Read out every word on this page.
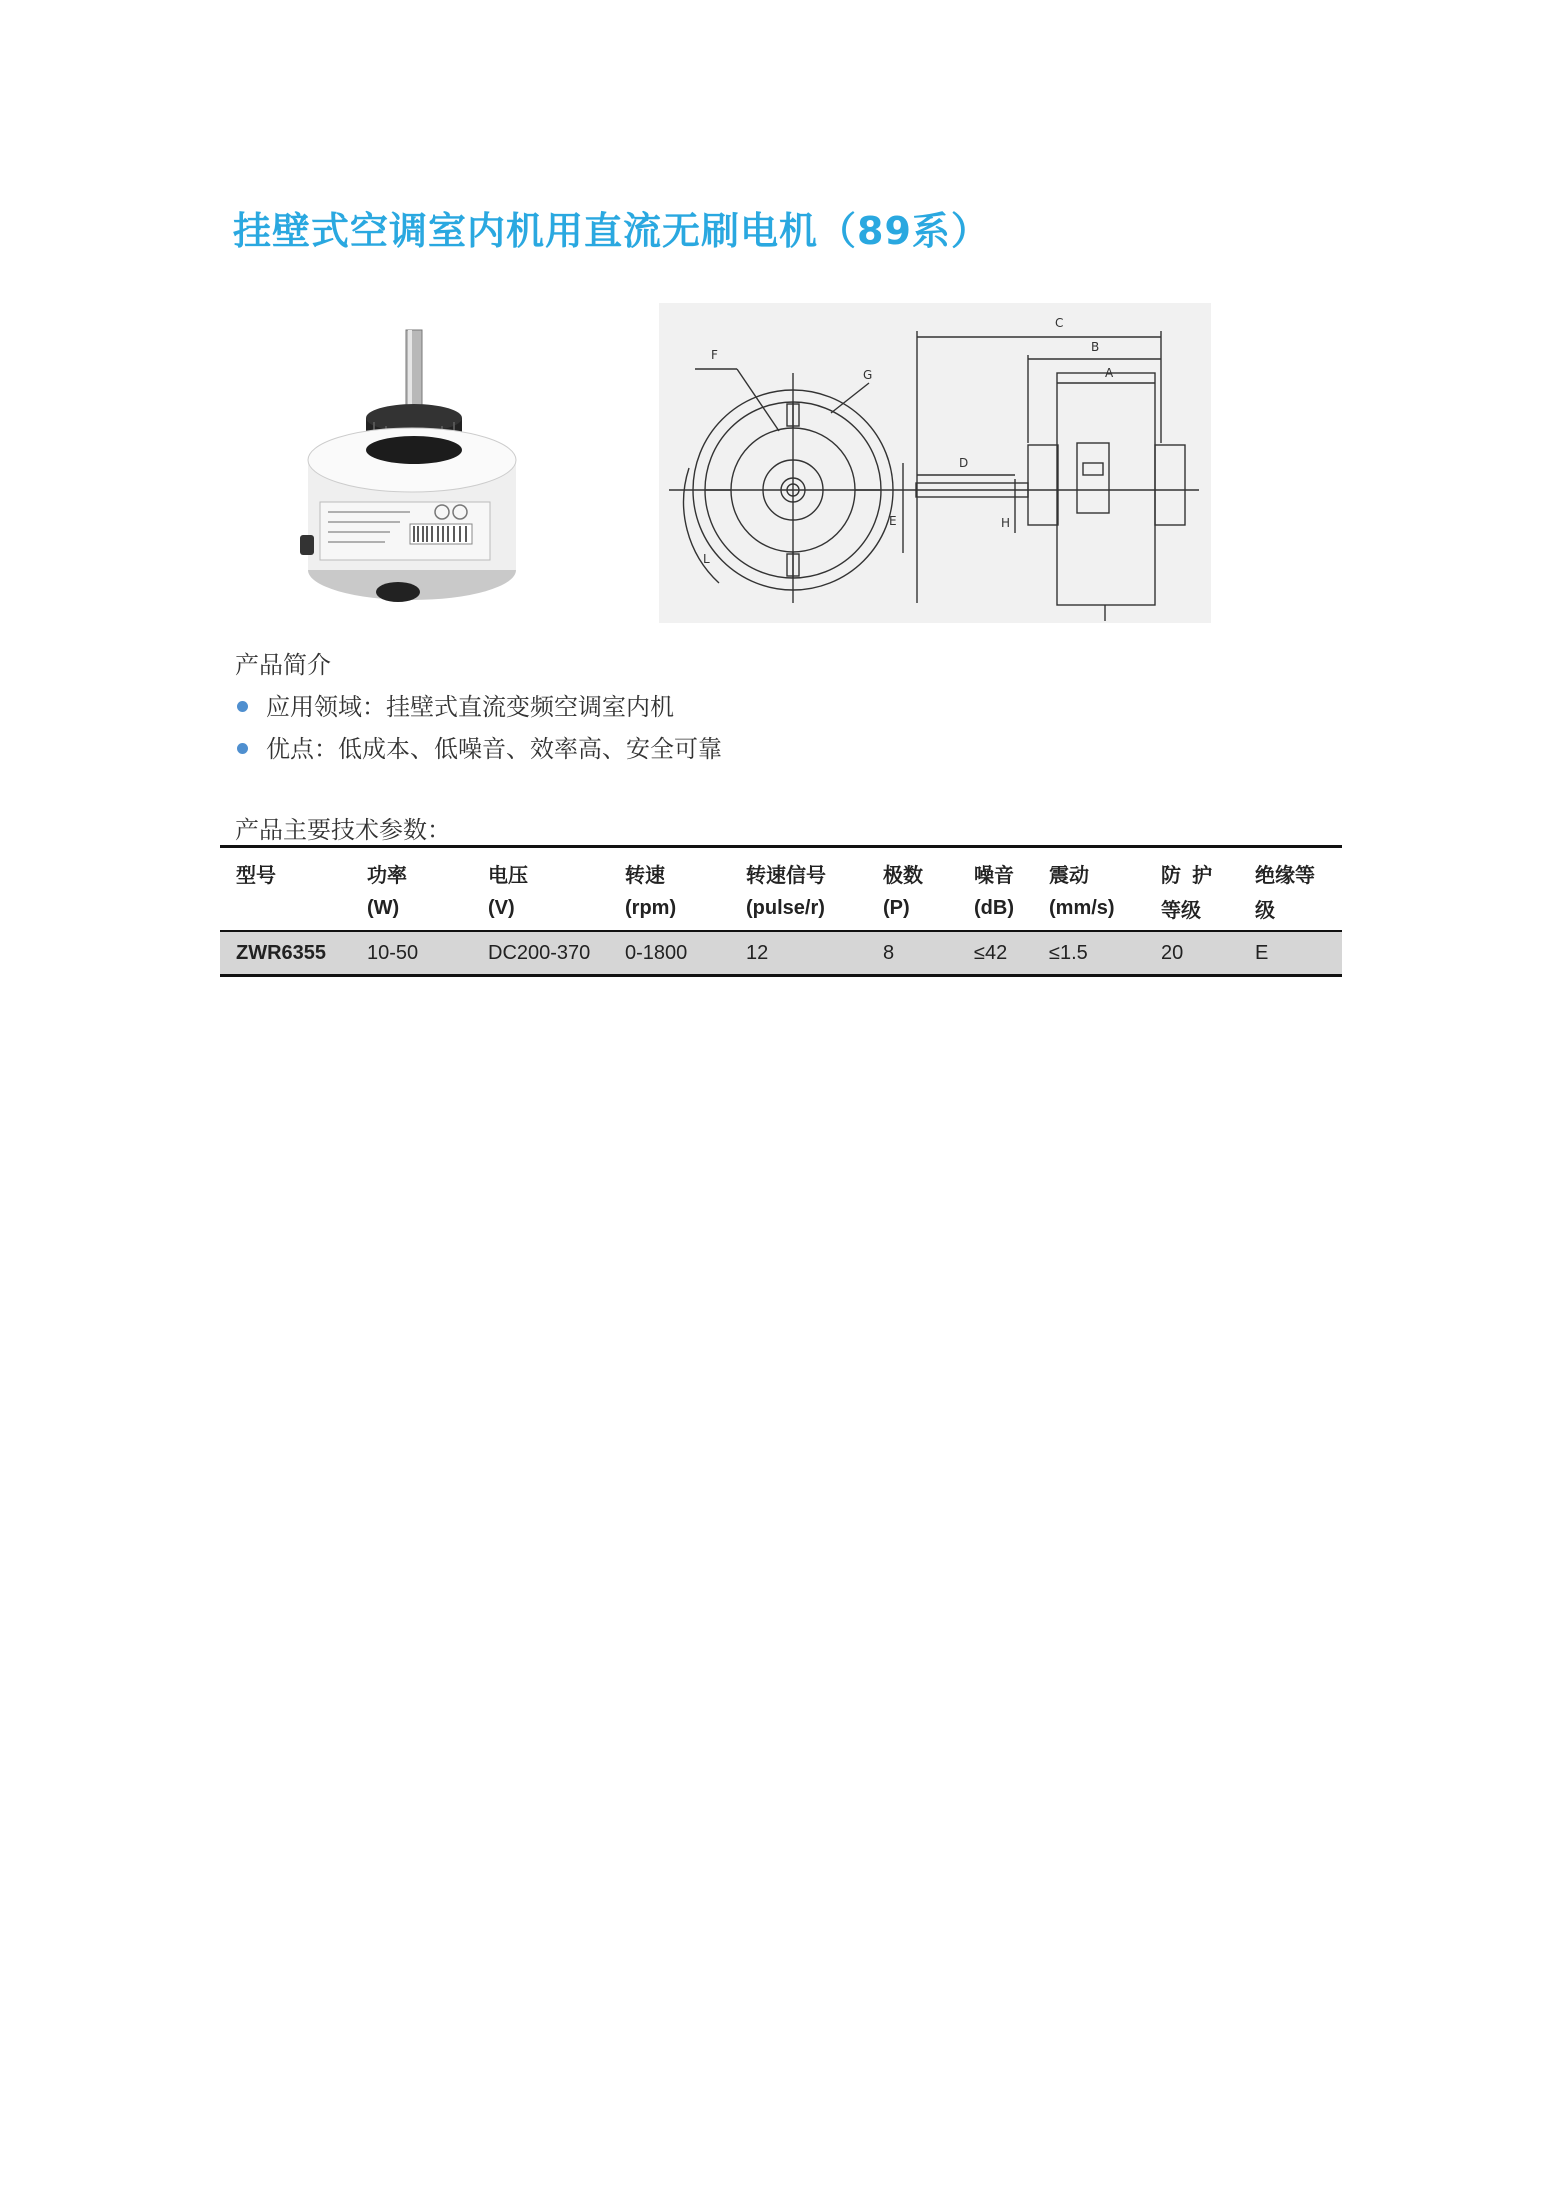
挂壁式空调室内机用直流无刷电机（89系）
C
B
A
D
E	H
F
G
L
产品简介
应用领域：挂壁式直流变频空调室内机
优点：低成本、低噪音、效率高、安全可靠
产品主要技术参数：
型号	功率	电压	转速	转速信号	极数	噪音	震动	防  护	绝缘等
	(W)	(V)	(rpm)	(pulse/r)	(P)	(dB)	(mm/s)	等级	级
ZWR6355	10-50	DC200-370	0-1800	12	8	≤42	≤1.5	20	E
